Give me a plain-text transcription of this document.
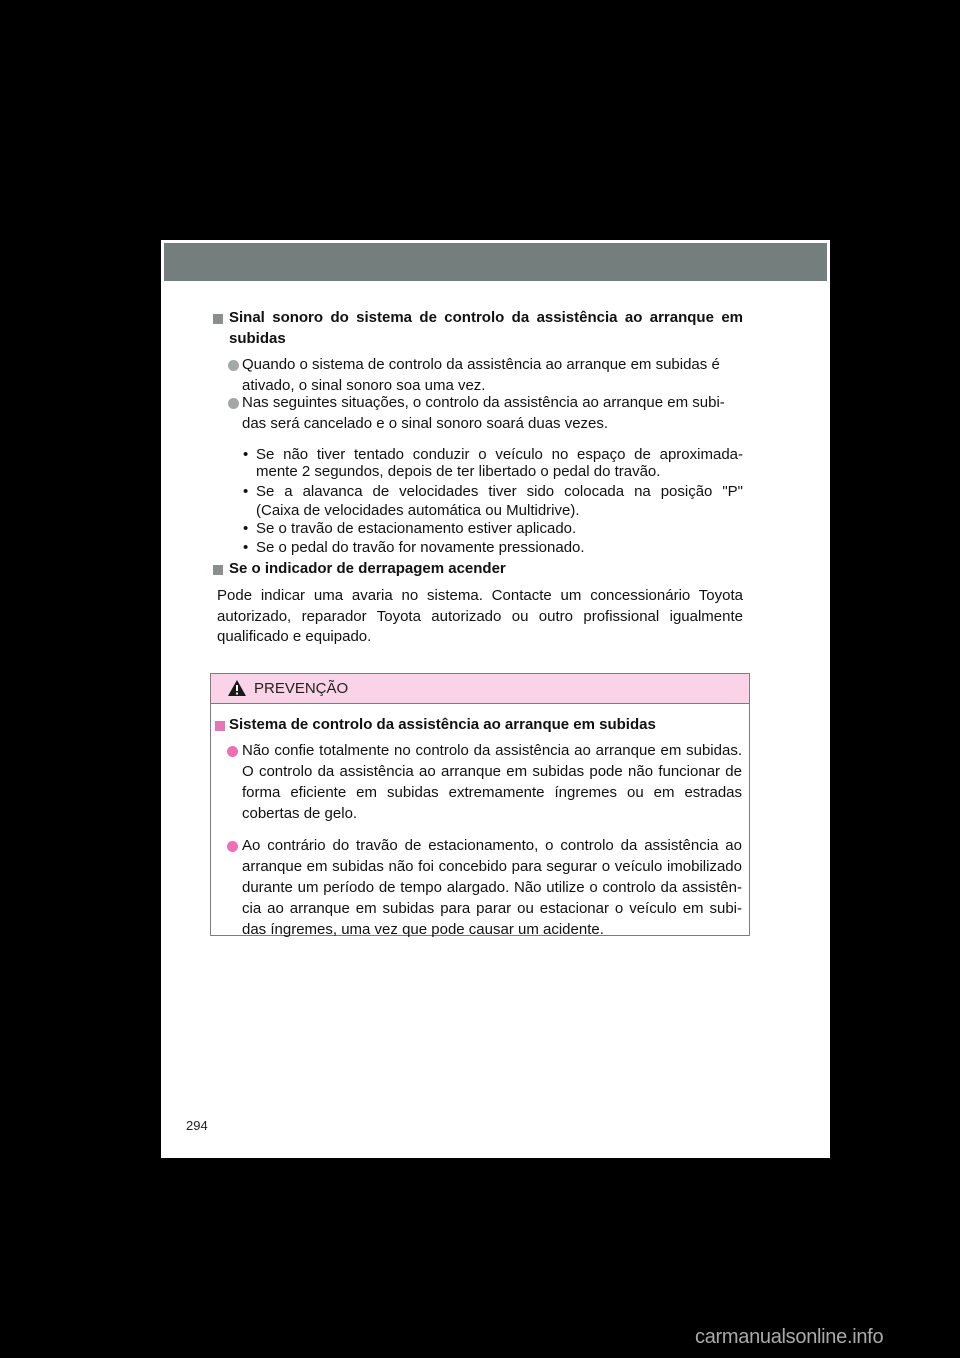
Sinal sonoro do sistema de controlo da assistência ao arranque em
subidas
Quando o sistema de controlo da assistência ao arranque em subidas é
ativado, o sinal sonoro soa uma vez.
Nas seguintes situações, o controlo da assistência ao arranque em subi-
das será cancelado e o sinal sonoro soará duas vezes.
• Se não tiver tentado conduzir o veículo no espaço de aproximada-
mente 2 segundos, depois de ter libertado o pedal do travão.
• Se a alavanca de velocidades tiver sido colocada na posição "P"
(Caixa de velocidades automática ou Multidrive).
• Se o travão de estacionamento estiver aplicado.
• Se o pedal do travão for novamente pressionado.
Se o indicador de derrapagem acender
Pode indicar uma avaria no sistema. Contacte um concessionário Toyota
autorizado, reparador Toyota autorizado ou outro profissional igualmente
qualificado e equipado.
PREVENÇÃO
Sistema de controlo da assistência ao arranque em subidas
Não confie totalmente no controlo da assistência ao arranque em subidas.
O controlo da assistência ao arranque em subidas pode não funcionar de
forma eficiente em subidas extremamente íngremes ou em estradas
cobertas de gelo.
Ao contrário do travão de estacionamento, o controlo da assistência ao
arranque em subidas não foi concebido para segurar o veículo imobilizado
durante um período de tempo alargado. Não utilize o controlo da assistên-
cia ao arranque em subidas para parar ou estacionar o veículo em subi-
das íngremes, uma vez que pode causar um acidente.
294
carmanualsonline.info
